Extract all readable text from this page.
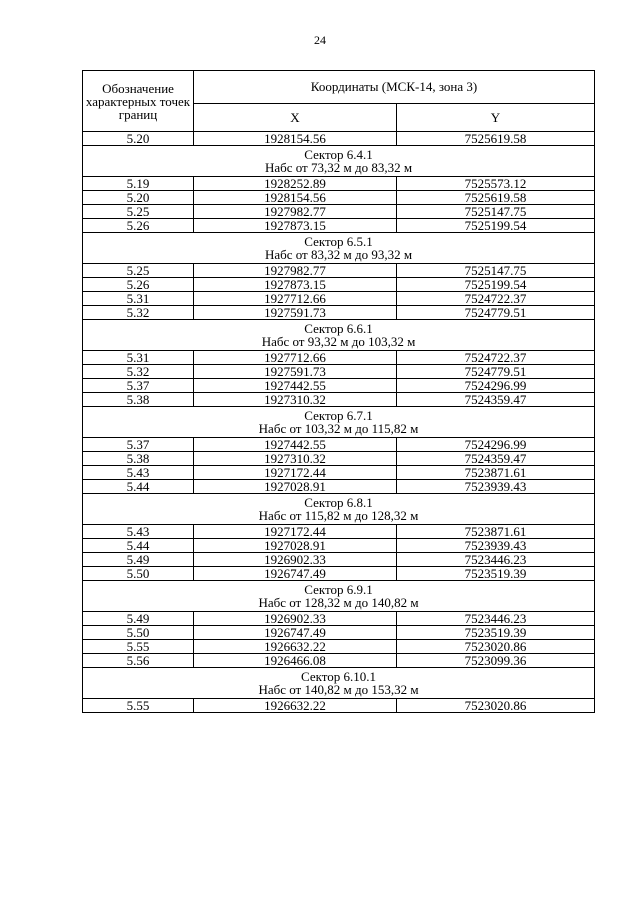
24
Обозначение характерных точек границ	Координаты (МСК-14, зона 3)	
	X	Y
5.20	1928154.56	7525619.58

Сектор 6.4.1
Набс от 73,32 м до 83,32 м		

5.19	1928252.89	7525573.12
5.20	1928154.56	7525619.58
5.25	1927982.77	7525147.75
5.26	1927873.15	7525199.54

Сектор 6.5.1
Набс от 83,32 м до 93,32 м		

5.25	1927982.77	7525147.75
5.26	1927873.15	7525199.54
5.31	1927712.66	7524722.37
5.32	1927591.73	7524779.51

Сектор 6.6.1
Набс от 93,32 м до 103,32 м		

5.31	1927712.66	7524722.37
5.32	1927591.73	7524779.51
5.37	1927442.55	7524296.99
5.38	1927310.32	7524359.47

Сектор 6.7.1
Набс от 103,32 м до 115,82 м		

5.37	1927442.55	7524296.99
5.38	1927310.32	7524359.47
5.43	1927172.44	7523871.61
5.44	1927028.91	7523939.43

Сектор 6.8.1
Набс от 115,82 м до 128,32 м		

5.43	1927172.44	7523871.61
5.44	1927028.91	7523939.43
5.49	1926902.33	7523446.23
5.50	1926747.49	7523519.39

Сектор 6.9.1
Набс от 128,32 м до 140,82 м		

5.49	1926902.33	7523446.23
5.50	1926747.49	7523519.39
5.55	1926632.22	7523020.86
5.56	1926466.08	7523099.36

Сектор 6.10.1
Набс от 140,82 м до 153,32 м		

5.55	1926632.22	7523020.86
